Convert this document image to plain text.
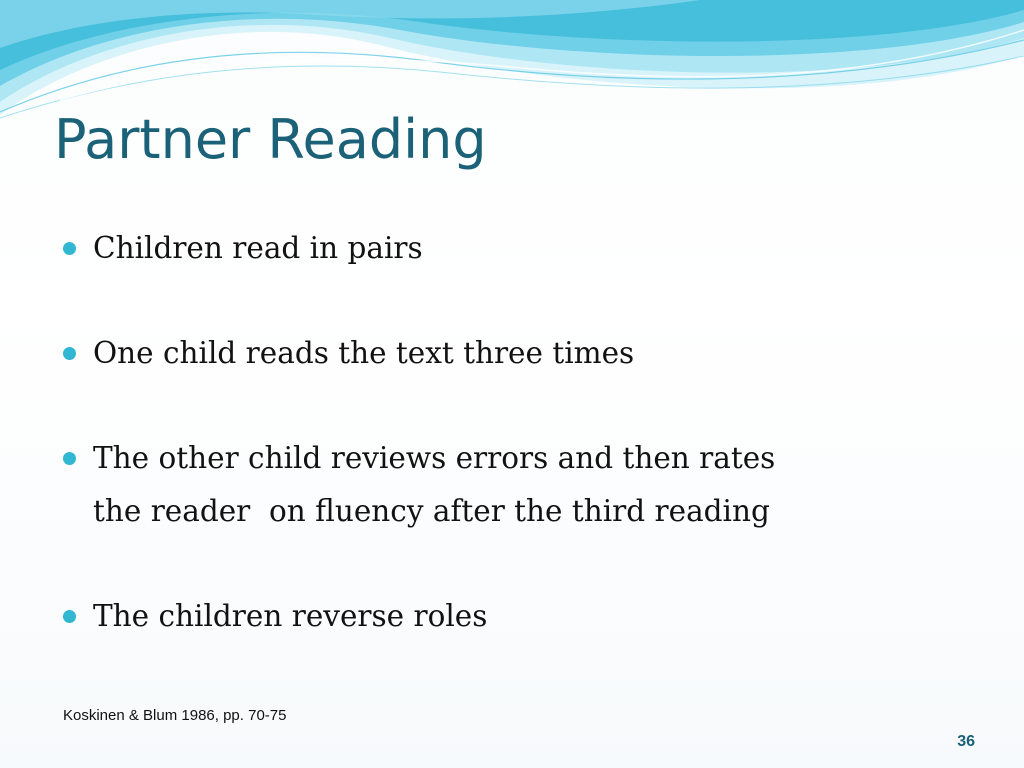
Partner Reading
Children read in pairs
One child reads the text three times
The other child reviews errors and then rates
the reader  on fluency after the third reading
The children reverse roles

Koskinen & Blum 1986, pp. 70-75

36
